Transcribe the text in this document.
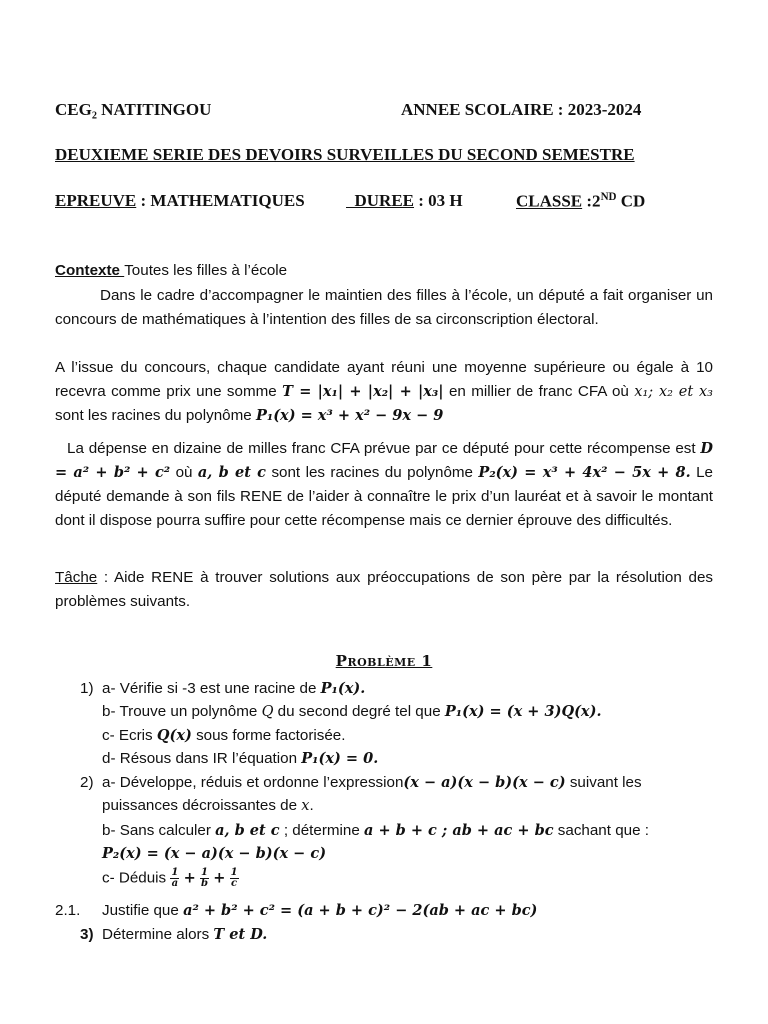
CEG₂ NATITINGOU	ANNEE SCOLAIRE : 2023-2024
DEUXIEME SERIE DES DEVOIRS SURVEILLES DU SECOND SEMESTRE
EPREUVE : MATHEMATIQUES	DUREE : 03 H	CLASSE :2ND CD
Contexte Toutes les filles à l’école
Dans le cadre d’accompagner le maintien des filles à l’école, un député a fait organiser un concours de mathématiques à l’intention des filles de sa circonscription électoral.
A l’issue du concours, chaque candidate ayant réuni une moyenne supérieure ou égale à 10 recevra comme prix une somme T = |x₁| + |x₂| + |x₃| en millier de franc CFA où x₁; x₂ et x₃ sont les racines du polynôme P₁(x) = x³ + x² − 9x − 9
La dépense en dizaine de milles franc CFA prévue par ce député pour cette récompense est D = a² + b² + c² où a, b et c sont les racines du polynôme P₂(x) = x³ + 4x² − 5x + 8. Le député demande à son fils RENE de l’aider à connaître le prix d’un lauréat et à savoir le montant dont il dispose pourra suffire pour cette récompense mais ce dernier éprouve des difficultés.
Tâche : Aide RENE à trouver solutions aux préoccupations de son père par la résolution des problèmes suivants.
Problème 1
1) a- Vérifie si -3 est une racine de P₁(x).
b- Trouve un polynôme Q du second degré tel que P₁(x) = (x + 3)Q(x).
c- Ecris Q(x) sous forme factorisée.
d- Résous dans IR l’équation P₁(x) = 0.
2) a- Développe, réduis et ordonne l’expression(x − a)(x − b)(x − c) suivant les
puissances décroissantes de x.
b- Sans calculer a, b et c ; détermine a + b + c ; ab + ac + bc sachant que :
P₂(x) = (x − a)(x − b)(x − c)
c- Déduis $\frac{1}{a} + \frac{1}{b} + \frac{1}{c}$
2.1. Justifie que a² + b² + c² = (a + b + c)² − 2(ab + ac + bc)
3) Détermine alors T et D.
